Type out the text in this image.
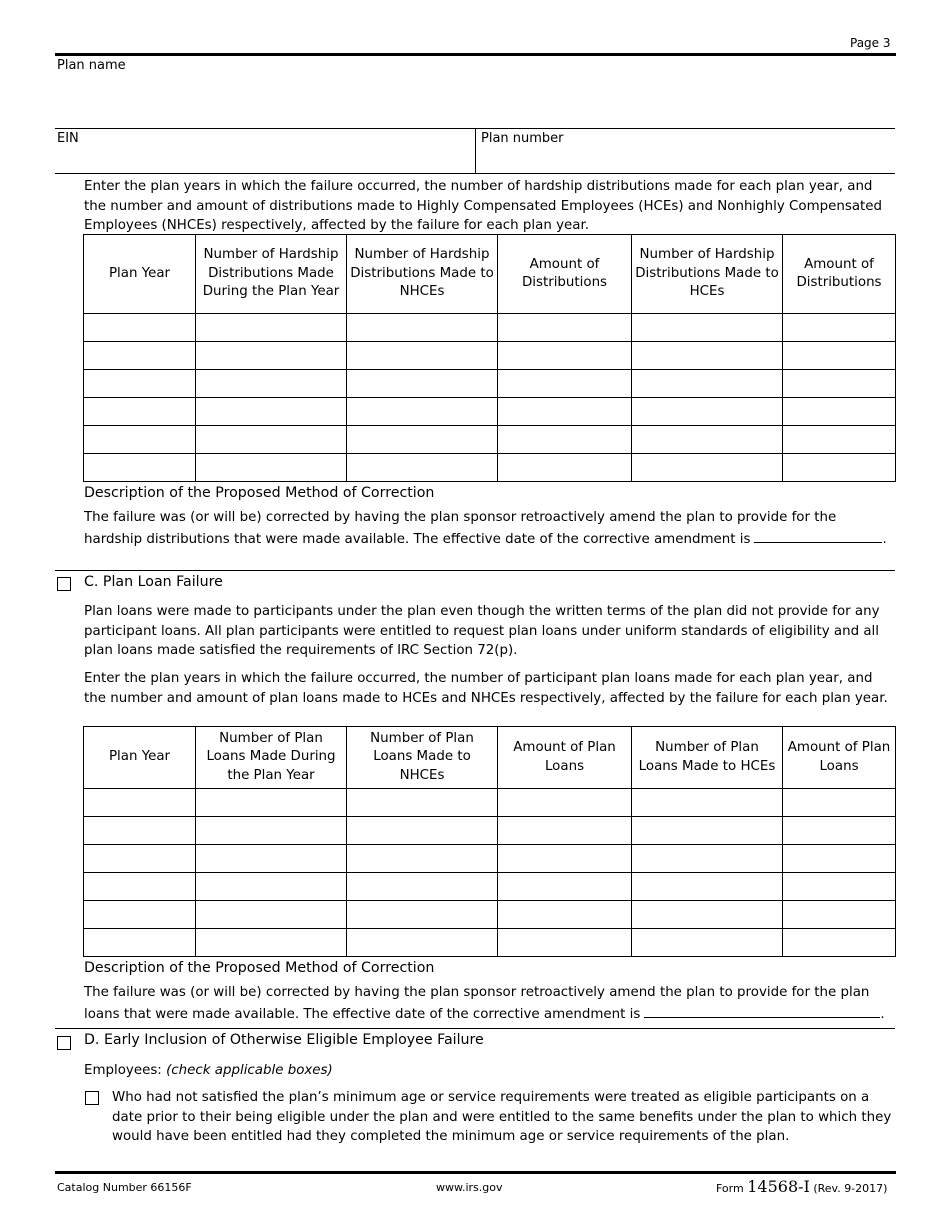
Page 3
Plan name
EIN	Plan number
Enter the plan years in which the failure occurred, the number of hardship distributions made for each plan year, and the number and amount of distributions made to Highly Compensated Employees (HCEs) and Nonhighly Compensated Employees (NHCEs) respectively, affected by the failure for each plan year.
Plan Year	Number of Hardship Distributions Made During the Plan Year	Number of Hardship Distributions Made to NHCEs	Amount of Distributions	Number of Hardship Distributions Made to HCEs	Amount of Distributions

Description of the Proposed Method of Correction
The failure was (or will be) corrected by having the plan sponsor retroactively amend the plan to provide for the hardship distributions that were made available. The effective date of the corrective amendment is	.
C. Plan Loan Failure
Plan loans were made to participants under the plan even though the written terms of the plan did not provide for any participant loans. All plan participants were entitled to request plan loans under uniform standards of eligibility and all plan loans made satisfied the requirements of IRC Section 72(p).
Enter the plan years in which the failure occurred, the number of participant plan loans made for each plan year, and the number and amount of plan loans made to HCEs and NHCEs respectively, affected by the failure for each plan year.
Plan Year	Number of Plan Loans Made During the Plan Year	Number of Plan Loans Made to NHCEs	Amount of Plan Loans	Number of Plan Loans Made to HCEs	Amount of Plan Loans

Description of the Proposed Method of Correction
The failure was (or will be) corrected by having the plan sponsor retroactively amend the plan to provide for the plan loans that were made available. The effective date of the corrective amendment is	.
D. Early Inclusion of Otherwise Eligible Employee Failure
Employees: (check applicable boxes)
Who had not satisfied the plan’s minimum age or service requirements were treated as eligible participants on a date prior to their being eligible under the plan and were entitled to the same benefits under the plan to which they would have been entitled had they completed the minimum age or service requirements of the plan.
Catalog Number 66156F	www.irs.gov	Form 14568-I (Rev. 9-2017)
